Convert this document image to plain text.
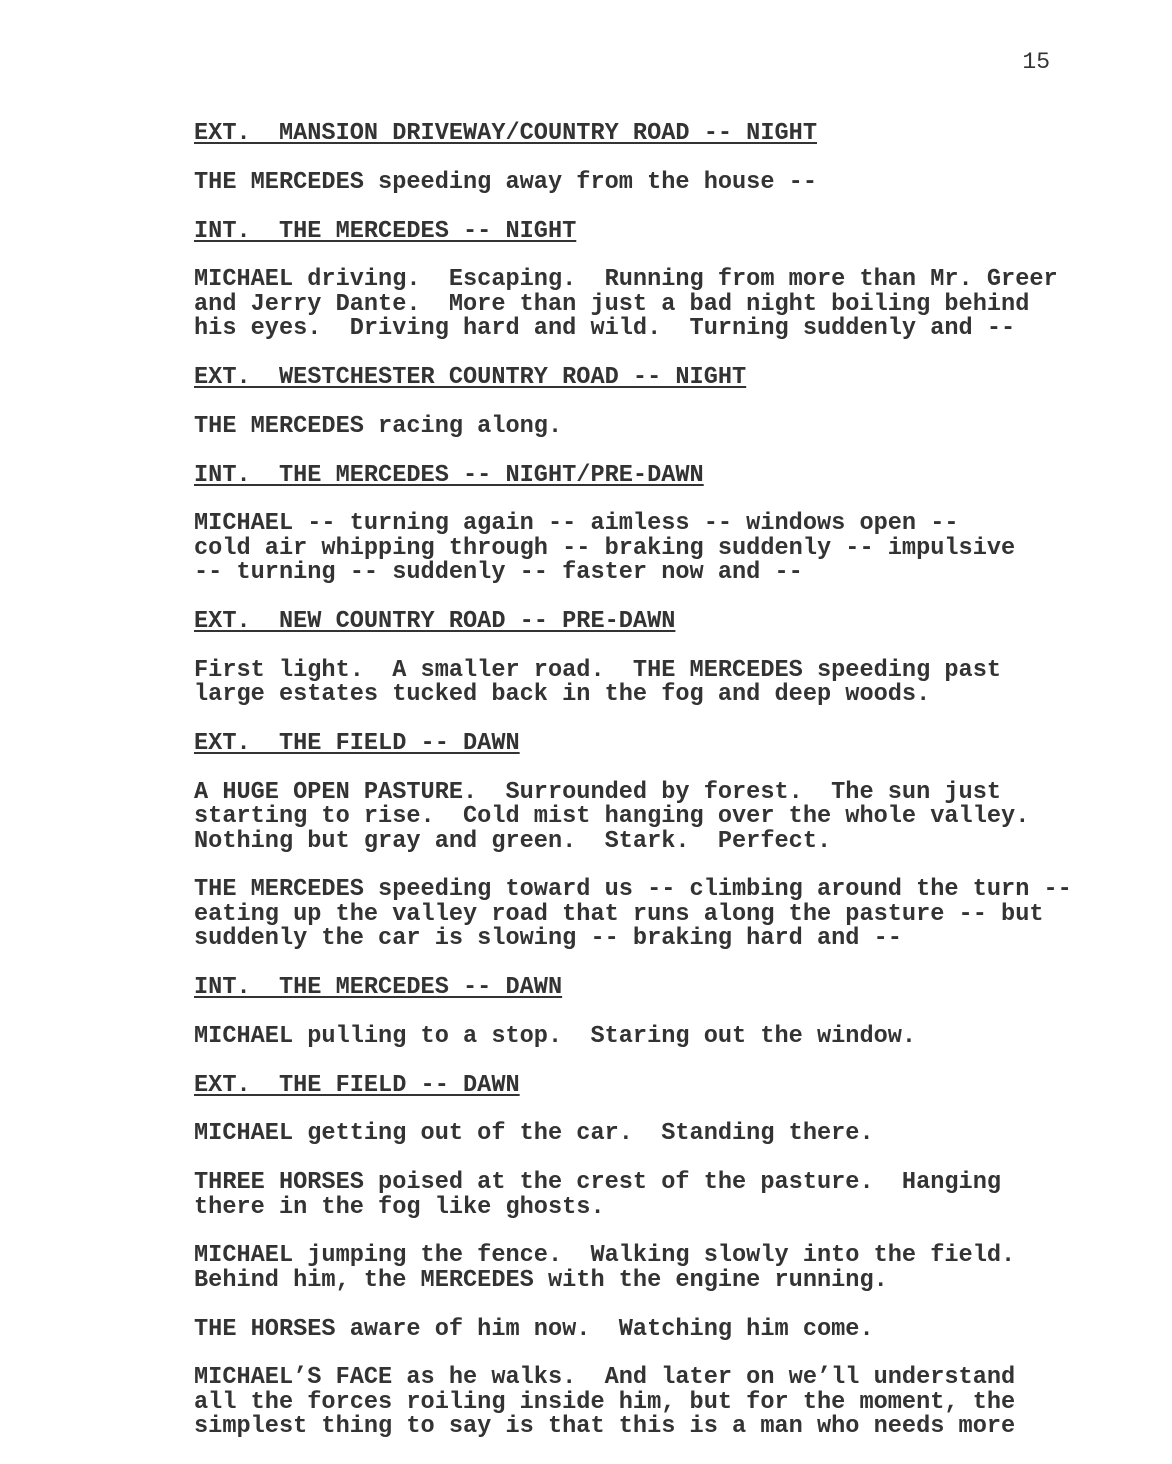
15
EXT.  MANSION DRIVEWAY/COUNTRY ROAD -- NIGHT
THE MERCEDES speeding away from the house --
INT.  THE MERCEDES -- NIGHT
MICHAEL driving.  Escaping.  Running from more than Mr. Greer
and Jerry Dante.  More than just a bad night boiling behind
his eyes.  Driving hard and wild.  Turning suddenly and --
EXT.  WESTCHESTER COUNTRY ROAD -- NIGHT
THE MERCEDES racing along.
INT.  THE MERCEDES -- NIGHT/PRE-DAWN
MICHAEL -- turning again -- aimless -- windows open --
cold air whipping through -- braking suddenly -- impulsive
-- turning -- suddenly -- faster now and --
EXT.  NEW COUNTRY ROAD -- PRE-DAWN
First light.  A smaller road.  THE MERCEDES speeding past
large estates tucked back in the fog and deep woods.
EXT.  THE FIELD -- DAWN
A HUGE OPEN PASTURE.  Surrounded by forest.  The sun just
starting to rise.  Cold mist hanging over the whole valley.
Nothing but gray and green.  Stark.  Perfect.
THE MERCEDES speeding toward us -- climbing around the turn --
eating up the valley road that runs along the pasture -- but
suddenly the car is slowing -- braking hard and --
INT.  THE MERCEDES -- DAWN
MICHAEL pulling to a stop.  Staring out the window.
EXT.  THE FIELD -- DAWN
MICHAEL getting out of the car.  Standing there.
THREE HORSES poised at the crest of the pasture.  Hanging
there in the fog like ghosts.
MICHAEL jumping the fence.  Walking slowly into the field.
Behind him, the MERCEDES with the engine running.
THE HORSES aware of him now.  Watching him come.
MICHAEL’S FACE as he walks.  And later on we’ll understand
all the forces roiling inside him, but for the moment, the
simplest thing to say is that this is a man who needs more
